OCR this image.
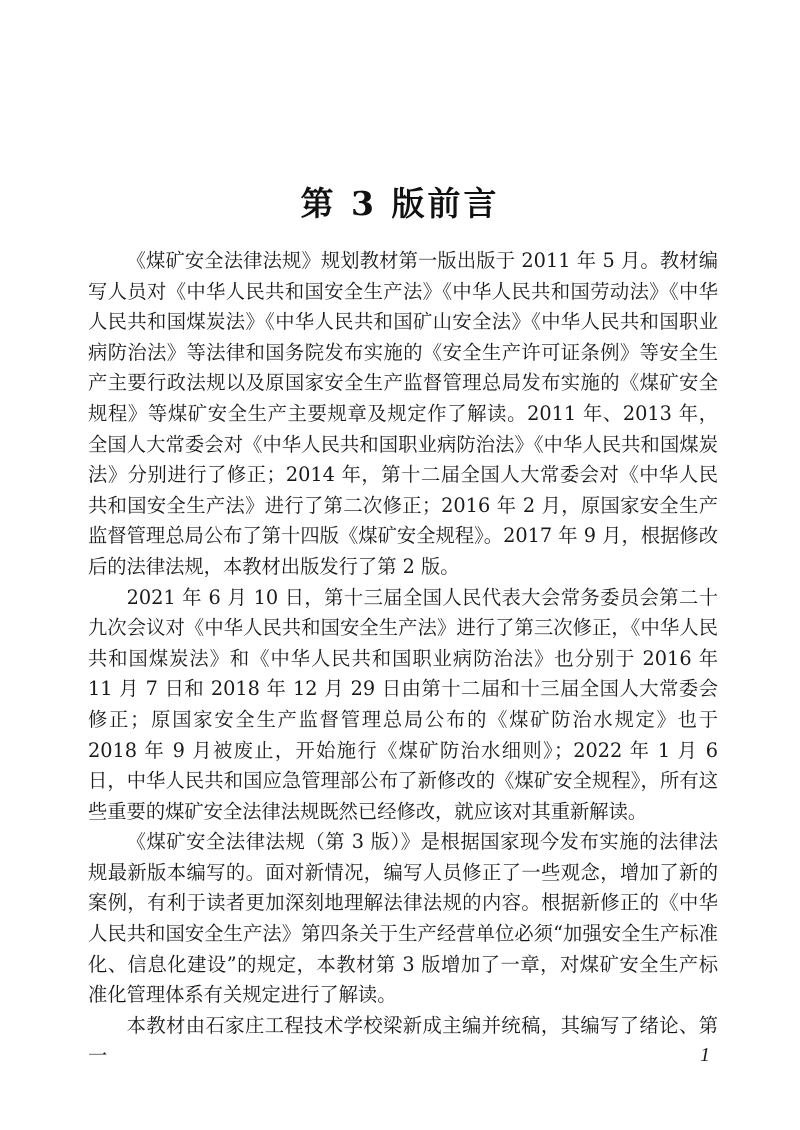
第 3 版前言

《煤矿安全法律法规》规划教材第一版出版于 2011 年 5 月。教材编写人员对《中华人民共和国安全生产法》《中华人民共和国劳动法》《中华人民共和国煤炭法》《中华人民共和国矿山安全法》《中华人民共和国职业病防治法》等法律和国务院发布实施的《安全生产许可证条例》等安全生产主要行政法规以及原国家安全生产监督管理总局发布实施的《煤矿安全规程》等煤矿安全生产主要规章及规定作了解读。2011 年、2013 年，全国人大常委会对《中华人民共和国职业病防治法》《中华人民共和国煤炭法》分别进行了修正；2014 年，第十二届全国人大常委会对《中华人民共和国安全生产法》进行了第二次修正；2016 年 2 月，原国家安全生产监督管理总局公布了第十四版《煤矿安全规程》。2017 年 9 月，根据修改后的法律法规，本教材出版发行了第 2 版。

2021 年 6 月 10 日，第十三届全国人民代表大会常务委员会第二十九次会议对《中华人民共和国安全生产法》进行了第三次修正，《中华人民共和国煤炭法》和《中华人民共和国职业病防治法》也分别于 2016 年 11 月 7 日和 2018 年 12 月 29 日由第十二届和十三届全国人大常委会修正；原国家安全生产监督管理总局公布的《煤矿防治水规定》也于 2018 年 9 月被废止，开始施行《煤矿防治水细则》；2022 年 1 月 6 日，中华人民共和国应急管理部公布了新修改的《煤矿安全规程》，所有这些重要的煤矿安全法律法规既然已经修改，就应该对其重新解读。

《煤矿安全法律法规（第 3 版）》是根据国家现今发布实施的法律法规最新版本编写的。面对新情况，编写人员修正了一些观念，增加了新的案例，有利于读者更加深刻地理解法律法规的内容。根据新修正的《中华人民共和国安全生产法》第四条关于生产经营单位必须“加强安全生产标准化、信息化建设”的规定，本教材第 3 版增加了一章，对煤矿安全生产标准化管理体系有关规定进行了解读。

本教材由石家庄工程技术学校梁新成主编并统稿，其编写了绪论、第一	1
